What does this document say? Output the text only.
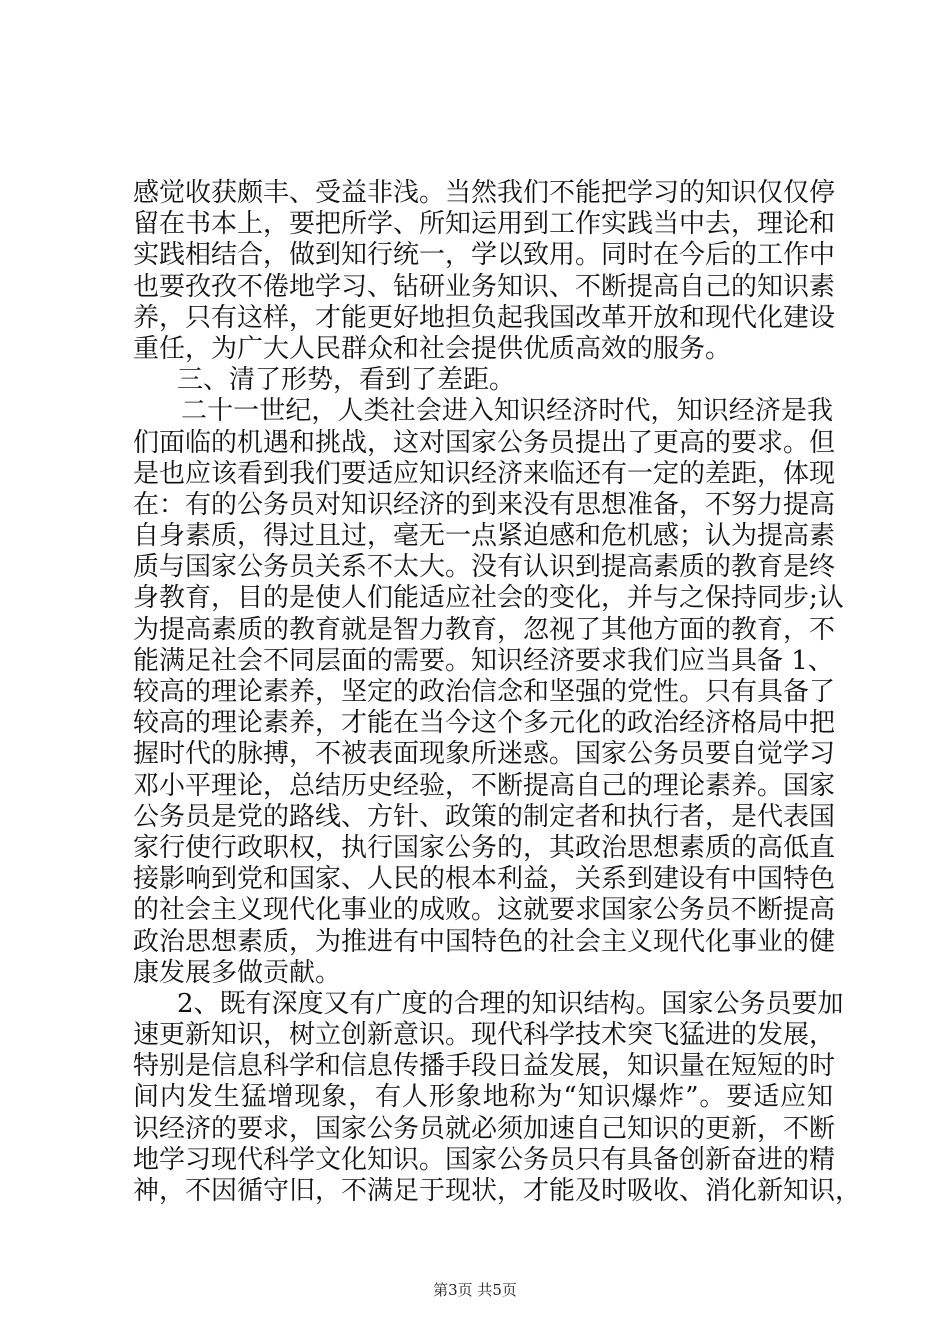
感觉收获颇丰、受益非浅。当然我们不能把学习的知识仅仅停
留在书本上，要把所学、所知运用到工作实践当中去，理论和
实践相结合，做到知行统一，学以致用。同时在今后的工作中
也要孜孜不倦地学习、钻研业务知识、不断提高自己的知识素
养，只有这样，才能更好地担负起我国改革开放和现代化建设
重任，为广大人民群众和社会提供优质高效的服务。
三、清了形势，看到了差距。
二十一世纪，人类社会进入知识经济时代，知识经济是我
们面临的机遇和挑战，这对国家公务员提出了更高的要求。但
是也应该看到我们要适应知识经济来临还有一定的差距，体现
在：有的公务员对知识经济的到来没有思想准备，不努力提高
自身素质，得过且过，毫无一点紧迫感和危机感；认为提高素
质与国家公务员关系不太大。没有认识到提高素质的教育是终
身教育，目的是使人们能适应社会的变化，并与之保持同步;认
为提高素质的教育就是智力教育，忽视了其他方面的教育，不
能满足社会不同层面的需要。知识经济要求我们应当具备 1、
较高的理论素养，坚定的政治信念和坚强的党性。只有具备了
较高的理论素养，才能在当今这个多元化的政治经济格局中把
握时代的脉搏，不被表面现象所迷惑。国家公务员要自觉学习
邓小平理论，总结历史经验，不断提高自己的理论素养。国家
公务员是党的路线、方针、政策的制定者和执行者，是代表国
家行使行政职权，执行国家公务的，其政治思想素质的高低直
接影响到党和国家、人民的根本利益，关系到建设有中国特色
的社会主义现代化事业的成败。这就要求国家公务员不断提高
政治思想素质，为推进有中国特色的社会主义现代化事业的健
康发展多做贡献。
2、既有深度又有广度的合理的知识结构。国家公务员要加
速更新知识，树立创新意识。现代科学技术突飞猛进的发展，
特别是信息科学和信息传播手段日益发展，知识量在短短的时
间内发生猛增现象，有人形象地称为“知识爆炸”。要适应知
识经济的要求，国家公务员就必须加速自己知识的更新，不断
地学习现代科学文化知识。国家公务员只有具备创新奋进的精
神，不因循守旧，不满足于现状，才能及时吸收、消化新知识，
第3页 共5页
